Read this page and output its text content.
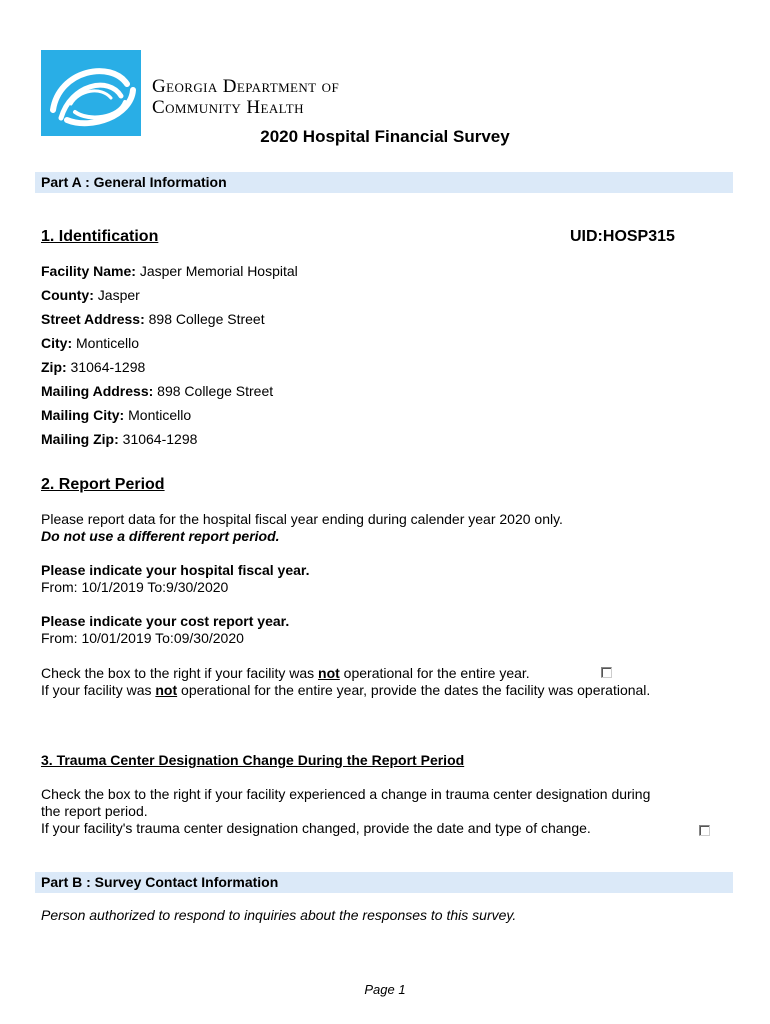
Georgia Department of
Community Health
2020 Hospital Financial Survey
Part A : General Information
1. Identification	UID:HOSP315
Facility Name: Jasper Memorial Hospital
County: Jasper
Street Address: 898 College Street
City: Monticello
Zip: 31064-1298
Mailing Address: 898 College Street
Mailing City: Monticello
Mailing Zip: 31064-1298
2. Report Period
Please report data for the hospital fiscal year ending during calender year 2020 only.
Do not use a different report period.
Please indicate your hospital fiscal year.
From: 10/1/2019 To:9/30/2020
Please indicate your cost report year.
From: 10/01/2019 To:09/30/2020
Check the box to the right if your facility was not operational for the entire year.
If your facility was not operational for the entire year, provide the dates the facility was operational.
3. Trauma Center Designation Change During the Report Period
Check the box to the right if your facility experienced a change in trauma center designation during
the report period.
If your facility's trauma center designation changed, provide the date and type of change.
Part B : Survey Contact Information
Person authorized to respond to inquiries about the responses to this survey.
Page 1
